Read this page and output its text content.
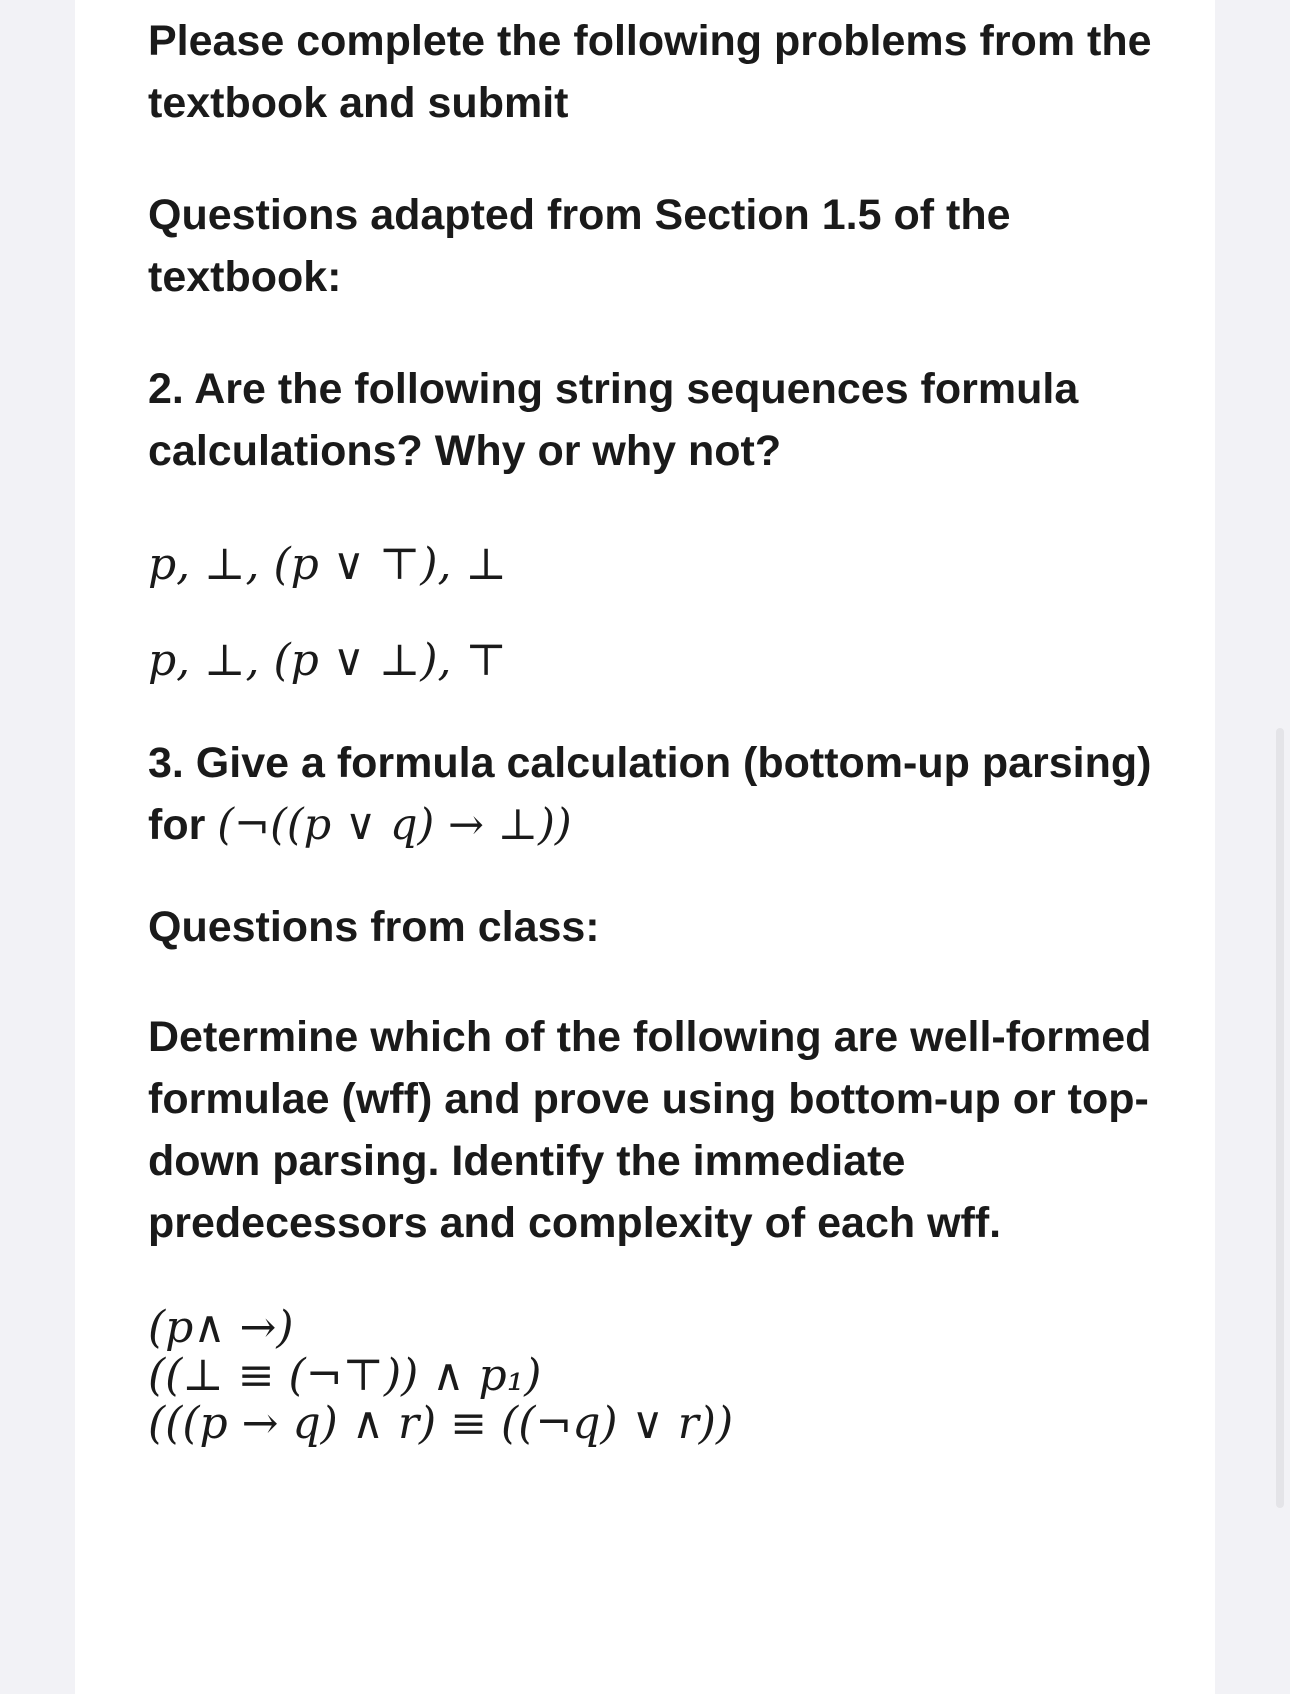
Please complete the following problems from the textbook and submit

Questions adapted from Section 1.5 of the textbook:

2. Are the following string sequences formula calculations? Why or why not?

p, ⊥, (p ∨ ⊤), ⊥

p, ⊥, (p ∨ ⊥), ⊤

3. Give a formula calculation (bottom-up parsing) for (¬((p ∨ q) → ⊥))

Questions from class:

Determine which of the following are well-formed formulae (wff) and prove using bottom-up or top-down parsing. Identify the immediate predecessors and complexity of each wff.

(p∧ →)

((⊥ ≡ (¬⊤)) ∧ p₁)

(((p → q) ∧ r) ≡ ((¬q) ∨ r))
